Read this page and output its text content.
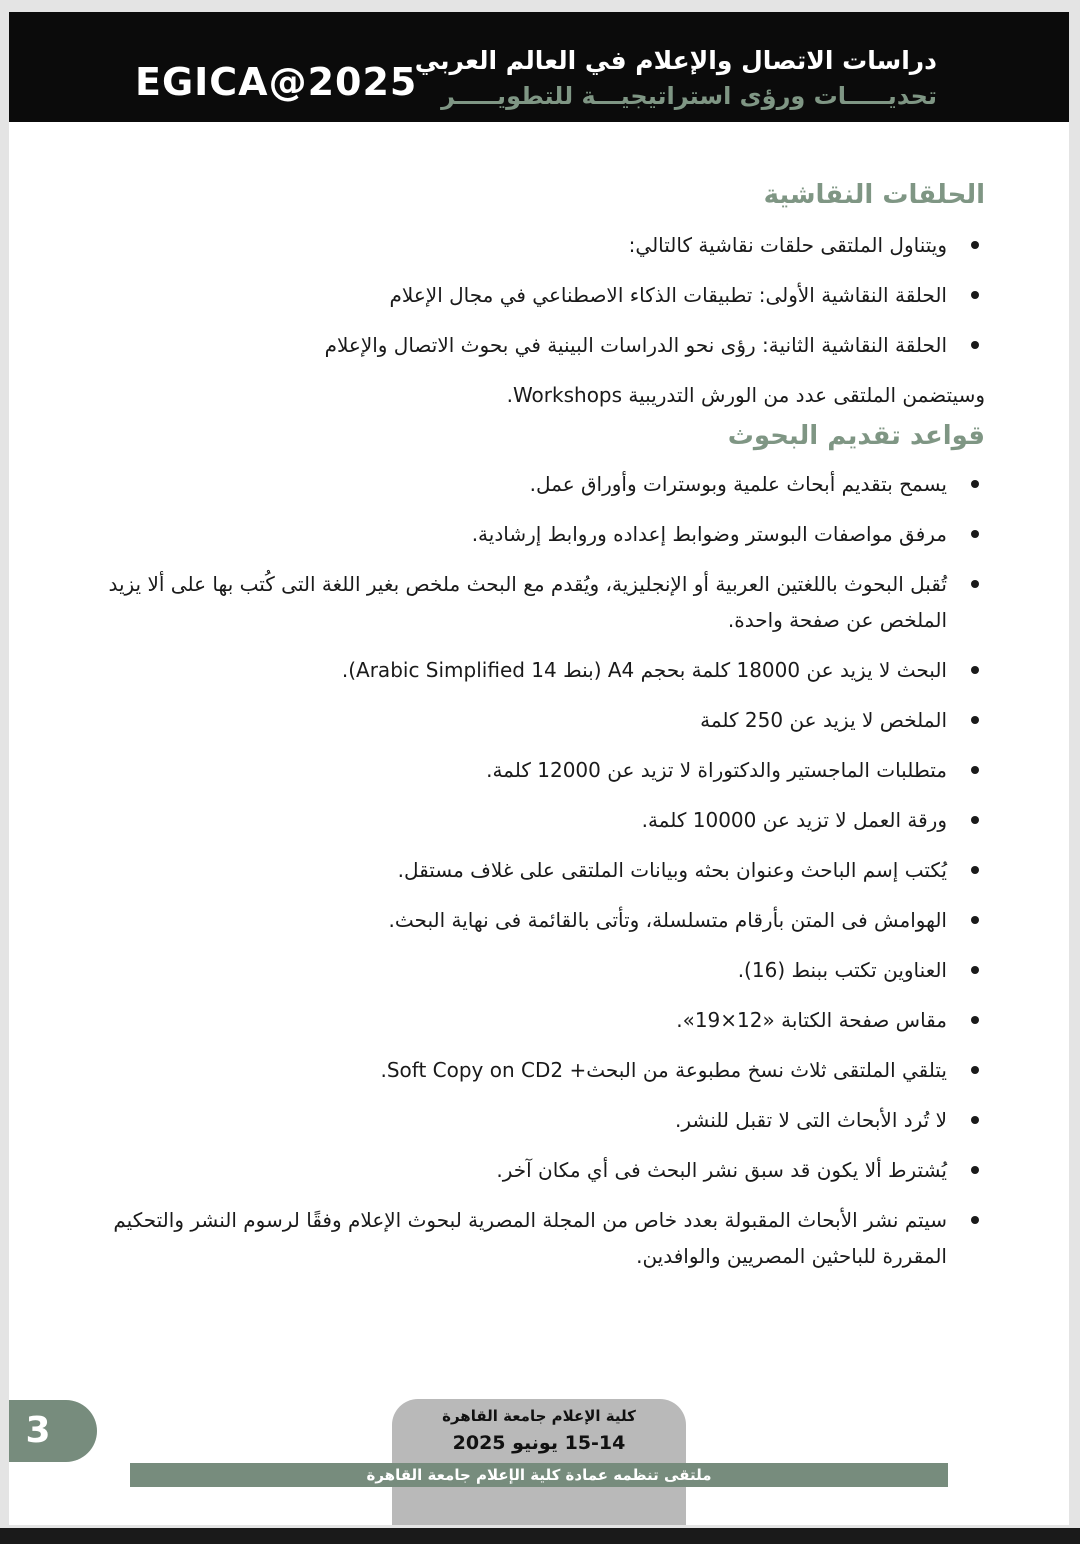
EGICA@2025
دراسات الاتصال والإعلام في العالم العربي
تحديـــــات ورؤى استراتيجيـــة للتطويـــــر
الحلقات النقاشية
ويتناول الملتقى حلقات نقاشية كالتالي:
الحلقة النقاشية الأولى: تطبيقات الذكاء الاصطناعي في مجال الإعلام
الحلقة النقاشية الثانية: رؤى نحو الدراسات البينية في بحوث الاتصال والإعلام

وسيتضمن الملتقى عدد من الورش التدريبية Workshops.

قواعد تقديم البحوث
يسمح بتقديم أبحاث علمية وبوسترات وأوراق عمل.
مرفق مواصفات البوستر وضوابط إعداده وروابط إرشادية.
تُقبل البحوث باللغتين العربية أو الإنجليزية، ويُقدم مع البحث ملخص بغير اللغة التى كُتب بها على ألا يزيد الملخص عن صفحة واحدة.
البحث لا يزيد عن 18000 كلمة بحجم A4 (بنط 14 Arabic Simplified).
الملخص لا يزيد عن 250 كلمة
متطلبات الماجستير والدكتوراة لا تزيد عن 12000 كلمة.
ورقة العمل لا تزيد عن 10000 كلمة.
يُكتب إسم الباحث وعنوان بحثه وبيانات الملتقى على غلاف مستقل.
الهوامش فى المتن بأرقام متسلسلة، وتأتى بالقائمة فى نهاية البحث.
العناوين تكتب ببنط (16).
مقاس صفحة الكتابة «12×19».
يتلقي الملتقى ثلاث نسخ مطبوعة من البحث+ Soft Copy on CD2.
لا تُرد الأبحاث التى لا تقبل للنشر.
يُشترط ألا يكون قد سبق نشر البحث فى أي مكان آخر.
سيتم نشر الأبحاث المقبولة بعدد خاص من المجلة المصرية لبحوث الإعلام وفقًا لرسوم النشر والتحكيم المقررة للباحثين المصريين والوافدين.
3	كلية الإعلام جامعة القاهرة
15-14 يونيو 2025
ملتقى تنظمه عمادة كلية الإعلام جامعة القاهرة
